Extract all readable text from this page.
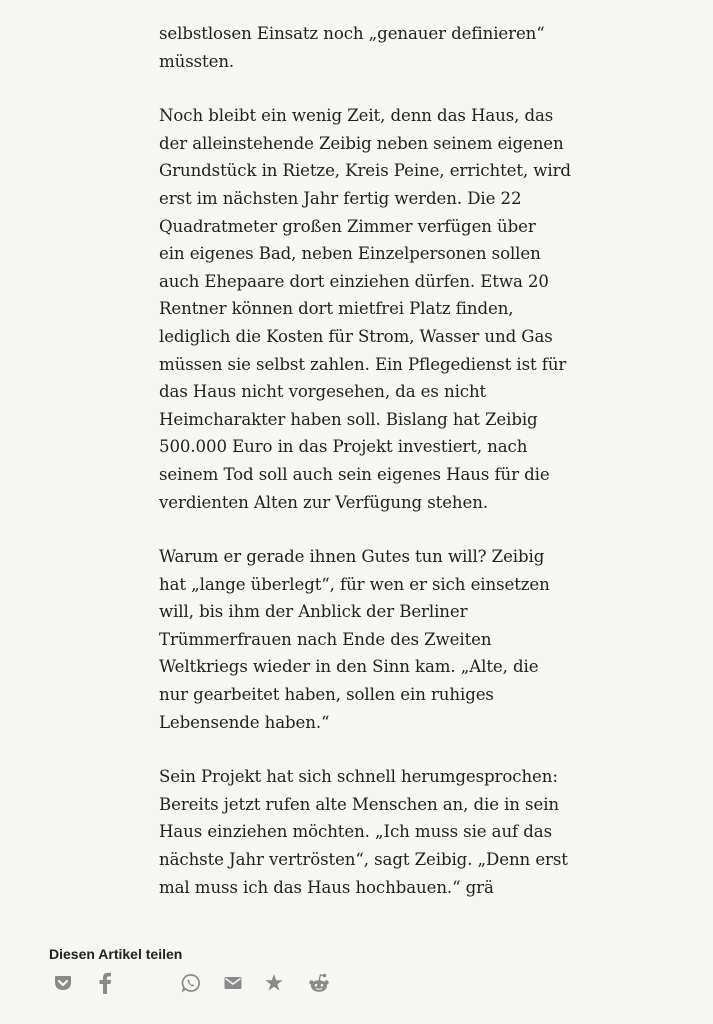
selbstlosen Einsatz noch „genauer definieren“
müssten.
Noch bleibt ein wenig Zeit, denn das Haus, das
der alleinstehende Zeibig neben seinem eigenen
Grundstück in Rietze, Kreis Peine, errichtet, wird
erst im nächsten Jahr fertig werden. Die 22
Quadratmeter großen Zimmer verfügen über
ein eigenes Bad, neben Einzelpersonen sollen
auch Ehepaare dort einziehen dürfen. Etwa 20
Rentner können dort mietfrei Platz finden,
lediglich die Kosten für Strom, Wasser und Gas
müssen sie selbst zahlen. Ein Pflegedienst ist für
das Haus nicht vorgesehen, da es nicht
Heimcharakter haben soll. Bislang hat Zeibig
500.000 Euro in das Projekt investiert, nach
seinem Tod soll auch sein eigenes Haus für die
verdienten Alten zur Verfügung stehen.
Warum er gerade ihnen Gutes tun will? Zeibig
hat „lange überlegt“, für wen er sich einsetzen
will, bis ihm der Anblick der Berliner
Trümmerfrauen nach Ende des Zweiten
Weltkriegs wieder in den Sinn kam. „Alte, die
nur gearbeitet haben, sollen ein ruhiges
Lebensende haben.“
Sein Projekt hat sich schnell herumgesprochen:
Bereits jetzt rufen alte Menschen an, die in sein
Haus einziehen möchten. „Ich muss sie auf das
nächste Jahr vertrösten“, sagt Zeibig. „Denn erst
mal muss ich das Haus hochbauen.“ grä
Diesen Artikel teilen
